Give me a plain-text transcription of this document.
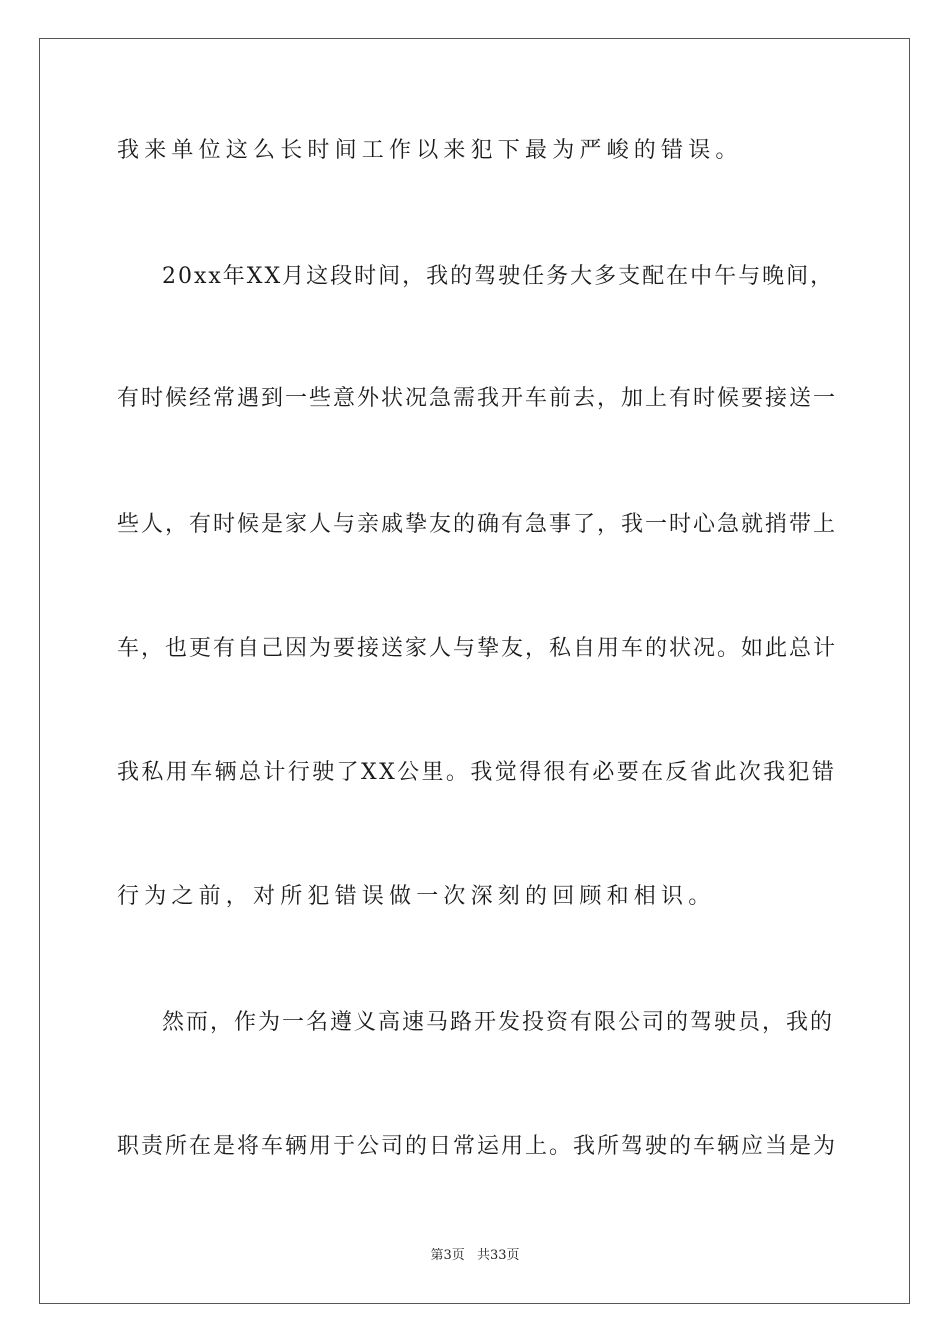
我来单位这么长时间工作以来犯下最为严峻的错误。
20xx年XX月这段时间，我的驾驶任务大多支配在中午与晚间，
有时候经常遇到一些意外状况急需我开车前去，加上有时候要接送一
些人，有时候是家人与亲戚挚友的确有急事了，我一时心急就捎带上
车，也更有自己因为要接送家人与挚友，私自用车的状况。如此总计
我私用车辆总计行驶了XX公里。我觉得很有必要在反省此次我犯错
行为之前，对所犯错误做一次深刻的回顾和相识。
然而，作为一名遵义高速马路开发投资有限公司的驾驶员，我的
职责所在是将车辆用于公司的日常运用上。我所驾驶的车辆应当是为
第3页 共33页
